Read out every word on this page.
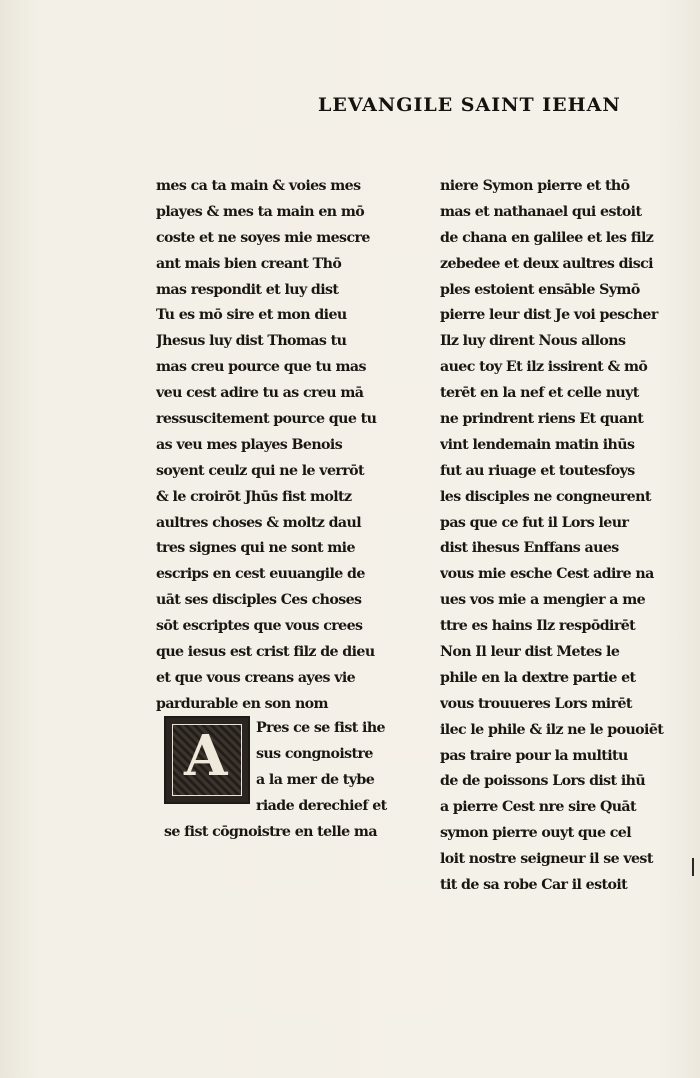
LEVANGILE SAINT IEHAN
mes ca ta main & voies mes
playes & mes ta main en mō
coste et ne soyes mie mescre
ant mais bien creant Thō
mas respondit et luy dist
Tu es mō sire et mon dieu
Jhesus luy dist Thomas tu
mas creu pource que tu mas
veu cest adire tu as creu mā
ressuscitement pource que tu
as veu mes playes Benois
soyent ceulz qui ne le verrōt
& le croirōt Jhūs fist moltz
aultres choses & moltz daul
tres signes qui ne sont mie
escrips en cest euuangile de
uāt ses disciples Ces choses
sōt escriptes que vous crees
que iesus est crist filz de dieu
et que vous creans ayes vie
pardurable en son nom
A Pres ce se fist ihe
sus congnoistre
a la mer de tybe
riade derechief et
se fist cōgnoistre en telle ma
niere Symon pierre et thō
mas et nathanael qui estoit
de chana en galilee et les filz
zebedee et deux aultres disci
ples estoient ensāble Symō
pierre leur dist Je voi pescher
Ilz luy dirent Nous allons
auec toy Et ilz issirent & mō
terēt en la nef et celle nuyt
ne prindrent riens Et quant
vint lendemain matin ihūs
fut au riuage et toutesfoys
les disciples ne congneurent
pas que ce fut il Lors leur
dist ihesus Enffans aues
vous mie esche Cest adire na
ues vos mie a mengier a me
ttre es hains Ilz respōdirēt
Non Il leur dist Metes le
phile en la dextre partie et
vous trouueres Lors mirēt
ilec le phile & ilz ne le pouoiēt
pas traire pour la multitu
de de poissons Lors dist ihū
a pierre Cest nre sire Quāt
symon pierre ouyt que cel
loit nostre seigneur il se vest
tit de sa robe Car il estoit
